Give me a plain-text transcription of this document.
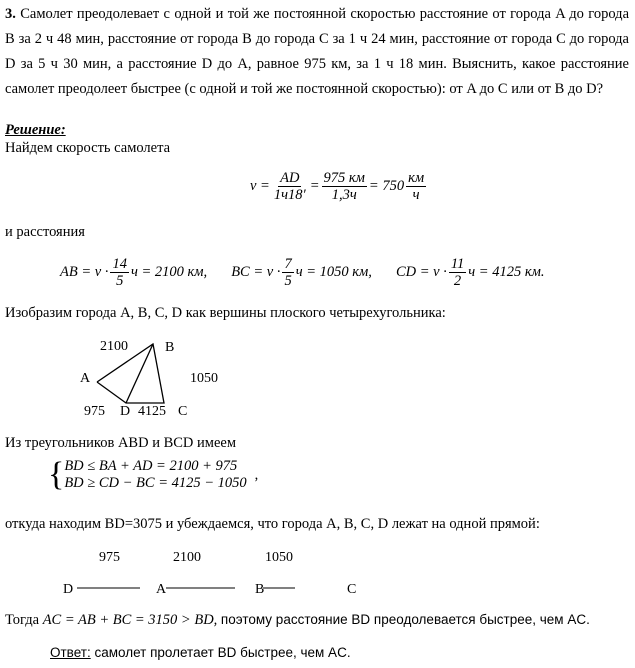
3. Самолет преодолевает с одной и той же постоянной скоростью расстояние от города A до города B за 2 ч 48 мин, расстояние от города B до города C за 1 ч 24 мин, расстояние от города C до города D за 5 ч 30 мин, а расстояние D до A, равное 975 км, за 1 ч 18 мин. Выяснить, какое расстояние самолет преодолеет быстрее (с одной и той же постоянной скоростью): от A до C или от B до D?
Решение:
Найдем скорость самолета
$v = \frac{AD}{1ч18'} = \frac{975 км}{1,3ч} = 750 \frac{км}{ч}$
и расстояния
AB = $v \cdot \frac{14}{5}$ ч = 2100 км, BC = $v \cdot \frac{7}{5}$ ч = 1050 км, CD = $v \cdot \frac{11}{2}$ ч = 4125 км.
Изобразим города A, B, C, D как вершины плоского четырехугольника:
2100	B
A	1050
975 D 4125 C
Из треугольников ABD и BCD имеем
{ BD ≤ BA + AD = 2100 + 975
BD ≥ CD − BC = 4125 − 1050
,
откуда находим BD=3075 и убеждаемся, что города A, B, C, D лежат на одной прямой:
975	2100	1050
D	A	B	C
Тогда AC = AB + BC = 3150 > BD, поэтому расстояние BD преодолевается быстрее, чем AC.
Ответ: самолет пролетает BD быстрее, чем AC.
